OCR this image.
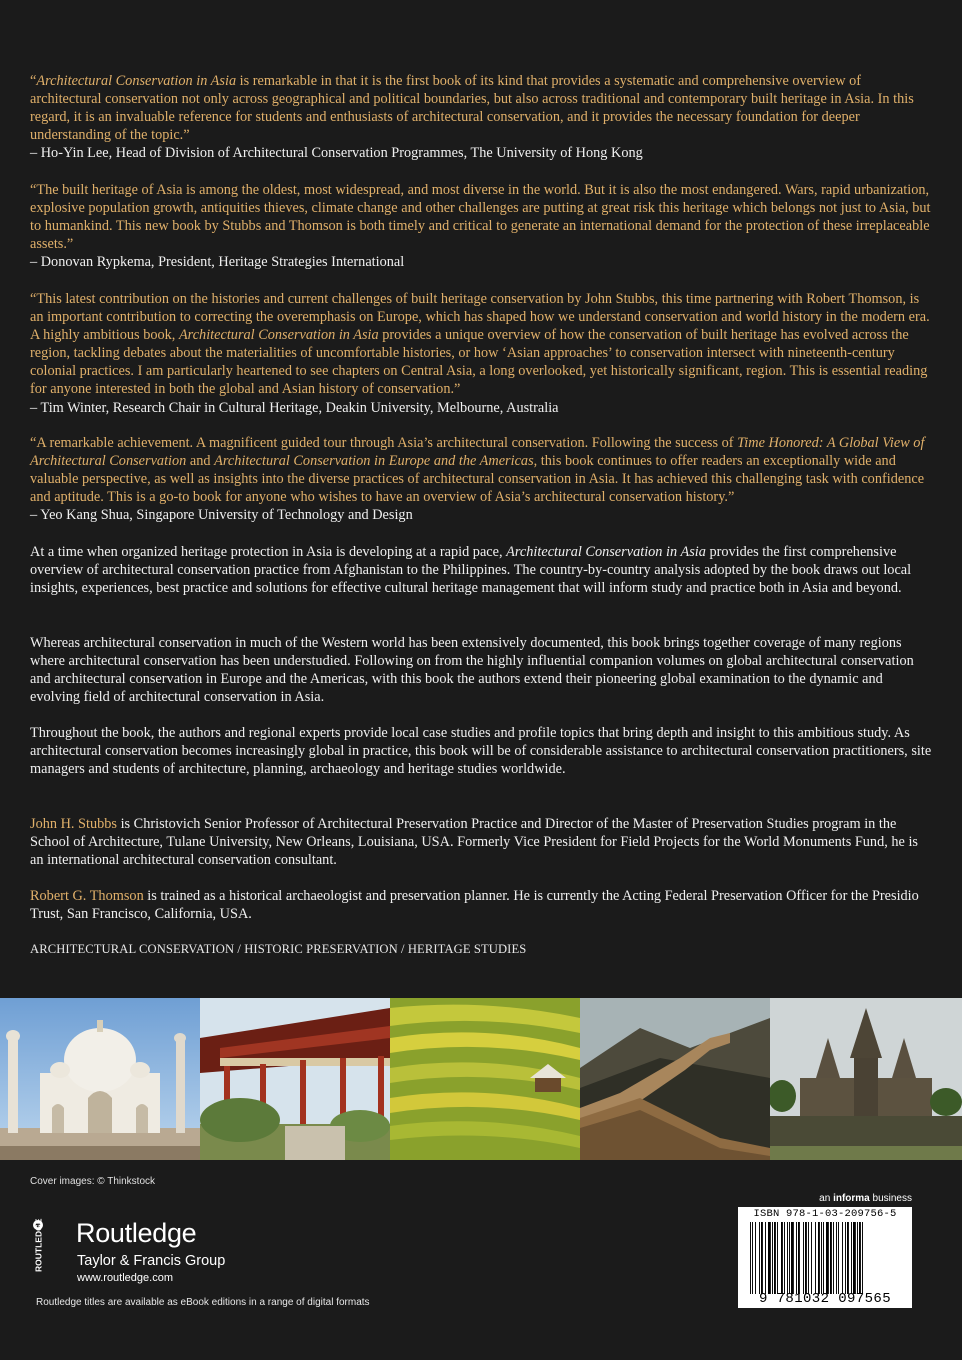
“Architectural Conservation in Asia is remarkable in that it is the first book of its kind that provides a systematic and comprehensive overview of architectural conservation not only across geographical and political boundaries, but also across traditional and contemporary built heritage in Asia. In this regard, it is an invaluable reference for students and enthusiasts of architectural conservation, and it provides the necessary foundation for deeper understanding of the topic.”
– Ho-Yin Lee, Head of Division of Architectural Conservation Programmes, The University of Hong Kong

“The built heritage of Asia is among the oldest, most widespread, and most diverse in the world. But it is also the most endangered. Wars, rapid urbanization, explosive population growth, antiquities thieves, climate change and other challenges are putting at great risk this heritage which belongs not just to Asia, but to humankind. This new book by Stubbs and Thomson is both timely and critical to generate an international demand for the protection of these irreplaceable assets.”
– Donovan Rypkema, President, Heritage Strategies International

“This latest contribution on the histories and current challenges of built heritage conservation by John Stubbs, this time partnering with Robert Thomson, is an important contribution to correcting the overemphasis on Europe, which has shaped how we understand conservation and world history in the modern era. A highly ambitious book, Architectural Conservation in Asia provides a unique overview of how the conservation of built heritage has evolved across the region, tackling debates about the materialities of uncomfortable histories, or how ‘Asian approaches’ to conservation intersect with nineteenth-century colonial practices. I am particularly heartened to see chapters on Central Asia, a long overlooked, yet historically significant, region. This is essential reading for anyone interested in both the global and Asian history of conservation.”
– Tim Winter, Research Chair in Cultural Heritage, Deakin University, Melbourne, Australia

“A remarkable achievement. A magnificent guided tour through Asia’s architectural conservation. Following the success of Time Honored: A Global View of Architectural Conservation and Architectural Conservation in Europe and the Americas, this book continues to offer readers an exceptionally wide and valuable perspective, as well as insights into the diverse practices of architectural conservation in Asia. It has achieved this challenging task with confidence and aptitude. This is a go-to book for anyone who wishes to have an overview of Asia’s architectural conservation history.”
– Yeo Kang Shua, Singapore University of Technology and Design

At a time when organized heritage protection in Asia is developing at a rapid pace, Architectural Conservation in Asia provides the first comprehensive overview of architectural conservation practice from Afghanistan to the Philippines. The country-by-country analysis adopted by the book draws out local insights, experiences, best practice and solutions for effective cultural heritage management that will inform study and practice both in Asia and beyond.

Whereas architectural conservation in much of the Western world has been extensively documented, this book brings together coverage of many regions where architectural conservation has been understudied. Following on from the highly influential companion volumes on global architectural conservation and architectural conservation in Europe and the Americas, with this book the authors extend their pioneering global examination to the dynamic and evolving field of architectural conservation in Asia.

Throughout the book, the authors and regional experts provide local case studies and profile topics that bring depth and insight to this ambitious study. As architectural conservation becomes increasingly global in practice, this book will be of considerable assistance to architectural conservation practitioners, site managers and students of architecture, planning, archaeology and heritage studies worldwide.

John H. Stubbs is Christovich Senior Professor of Architectural Preservation Practice and Director of the Master of Preservation Studies program in the School of Architecture, Tulane University, New Orleans, Louisiana, USA. Formerly Vice President for Field Projects for the World Monuments Fund, he is an international architectural conservation consultant.

Robert G. Thomson is trained as a historical archaeologist and preservation planner. He is currently the Acting Federal Preservation Officer for the Presidio Trust, San Francisco, California, USA.

ARCHITECTURAL CONSERVATION / HISTORIC PRESERVATION / HERITAGE STUDIES
Cover images: © Thinkstock
ROUTLEDGE Routledge
Taylor & Francis Group
www.routledge.com
Routledge titles are available as eBook editions in a range of digital formats
an informa business
ISBN 978-1-03-209756-5
9 781032 097565
